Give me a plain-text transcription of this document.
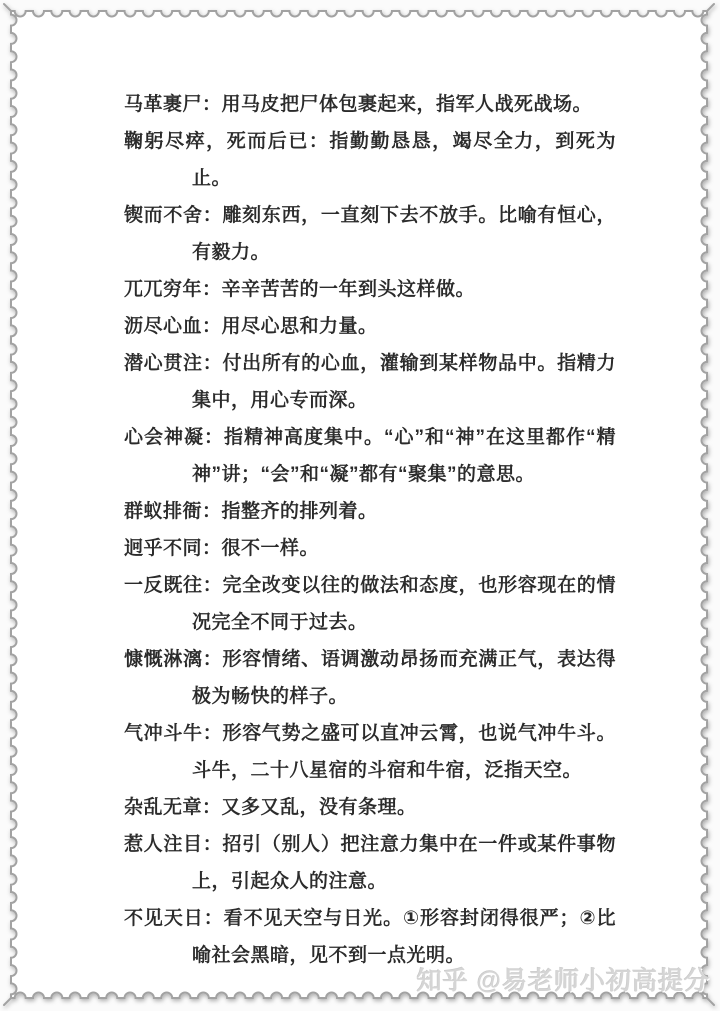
马革裹尸：用马皮把尸体包裹起来，指军人战死战场。

鞠躬尽瘁，死而后已：指勤勤恳恳，竭尽全力，到死为止。

锲而不舍：雕刻东西，一直刻下去不放手。比喻有恒心，有毅力。

兀兀穷年：辛辛苦苦的一年到头这样做。

沥尽心血：用尽心思和力量。

潜心贯注：付出所有的心血，灌输到某样物品中。指精力集中，用心专而深。

心会神凝：指精神高度集中。“心”和“神”在这里都作“精神”讲；“会”和“凝”都有“聚集”的意思。

群蚁排衙：指整齐的排列着。

迥乎不同：很不一样。

一反既往：完全改变以往的做法和态度，也形容现在的情况完全不同于过去。

慷慨淋漓：形容情绪、语调激动昂扬而充满正气，表达得极为畅快的样子。

气冲斗牛：形容气势之盛可以直冲云霄，也说气冲牛斗。斗牛，二十八星宿的斗宿和牛宿，泛指天空。

杂乱无章：又多又乱，没有条理。

惹人注目：招引（别人）把注意力集中在一件或某件事物上，引起众人的注意。

不见天日：看不见天空与日光。①形容封闭得很严；②比喻社会黑暗，见不到一点光明。

知乎 @易老师小初高提分
